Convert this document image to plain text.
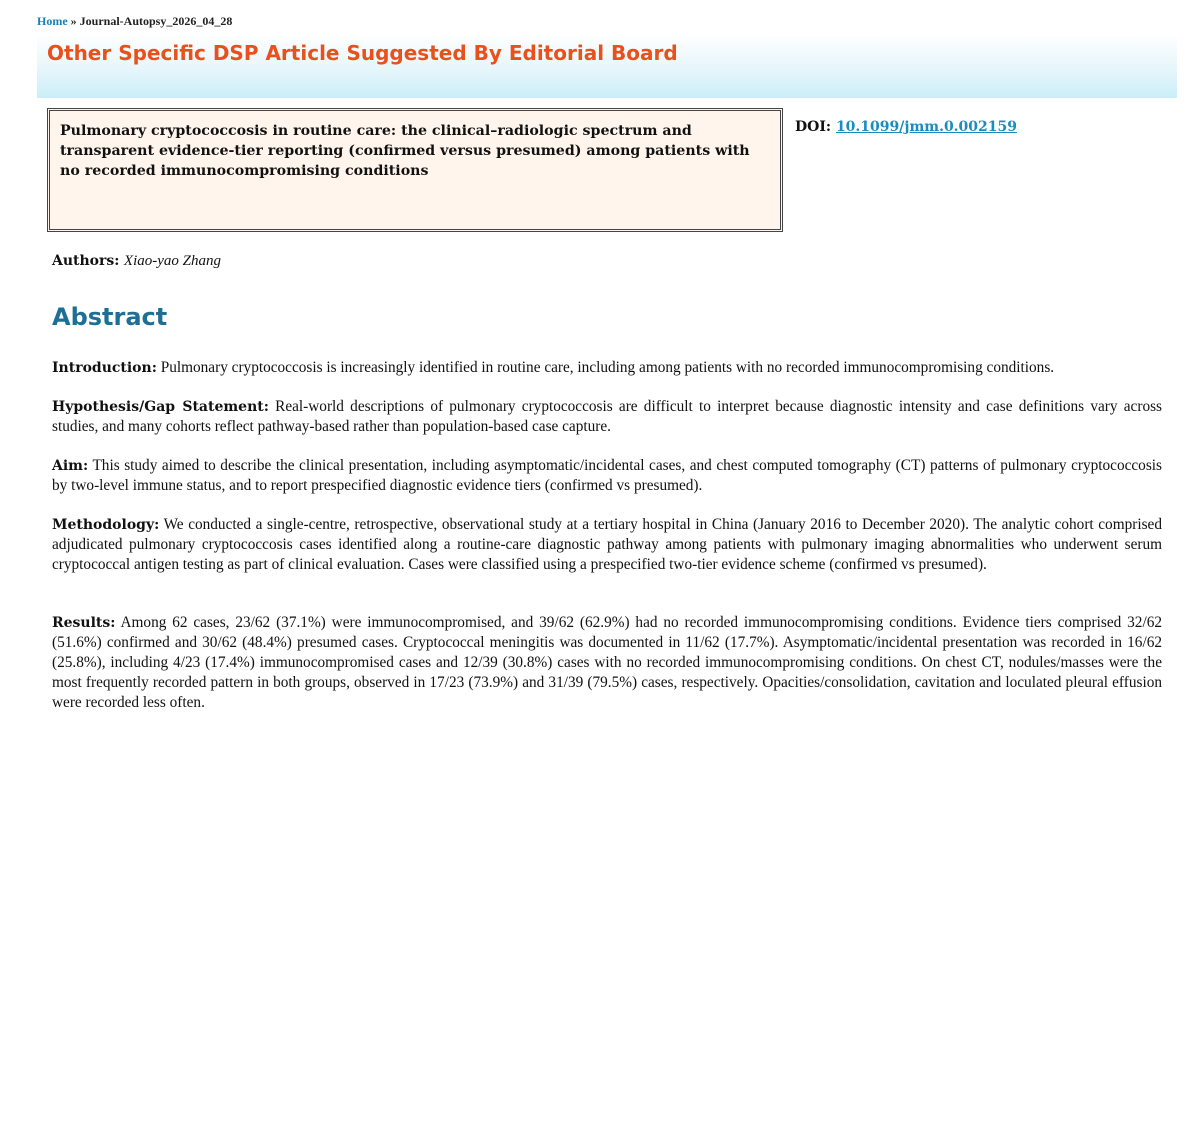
Home » Journal-Autopsy_2026_04_28
Other Specific DSP Article Suggested By Editorial Board
Pulmonary cryptococcosis in routine care: the clinical–radiologic spectrum and transparent evidence-tier reporting (confirmed versus presumed) among patients with no recorded immunocompromising conditions
DOI: 10.1099/jmm.0.002159
Authors: Xiao-yao Zhang
Abstract

Introduction: Pulmonary cryptococcosis is increasingly identified in routine care, including among patients with no recorded immunocompromising conditions.

Hypothesis/Gap Statement: Real-world descriptions of pulmonary cryptococcosis are difficult to interpret because diagnostic intensity and case definitions vary across studies, and many cohorts reflect pathway-based rather than population-based case capture.

Aim: This study aimed to describe the clinical presentation, including asymptomatic/incidental cases, and chest computed tomography (CT) patterns of pulmonary cryptococcosis by two-level immune status, and to report prespecified diagnostic evidence tiers (confirmed vs presumed).

Methodology: We conducted a single-centre, retrospective, observational study at a tertiary hospital in China (January 2016 to December 2020). The analytic cohort comprised adjudicated pulmonary cryptococcosis cases identified along a routine-care diagnostic pathway among patients with pulmonary imaging abnormalities who underwent serum cryptococcal antigen testing as part of clinical evaluation. Cases were classified using a prespecified two-tier evidence scheme (confirmed vs presumed).

Results: Among 62 cases, 23/62 (37.1%) were immunocompromised, and 39/62 (62.9%) had no recorded immunocompromising conditions. Evidence tiers comprised 32/62 (51.6%) confirmed and 30/62 (48.4%) presumed cases. Cryptococcal meningitis was documented in 11/62 (17.7%). Asymptomatic/incidental presentation was recorded in 16/62 (25.8%), including 4/23 (17.4%) immunocompromised cases and 12/39 (30.8%) cases with no recorded immunocompromising conditions. On chest CT, nodules/masses were the most frequently recorded pattern in both groups, observed in 17/23 (73.9%) and 31/39 (79.5%) cases, respectively. Opacities/consolidation, cavitation and loculated pleural effusion were recorded less often.
